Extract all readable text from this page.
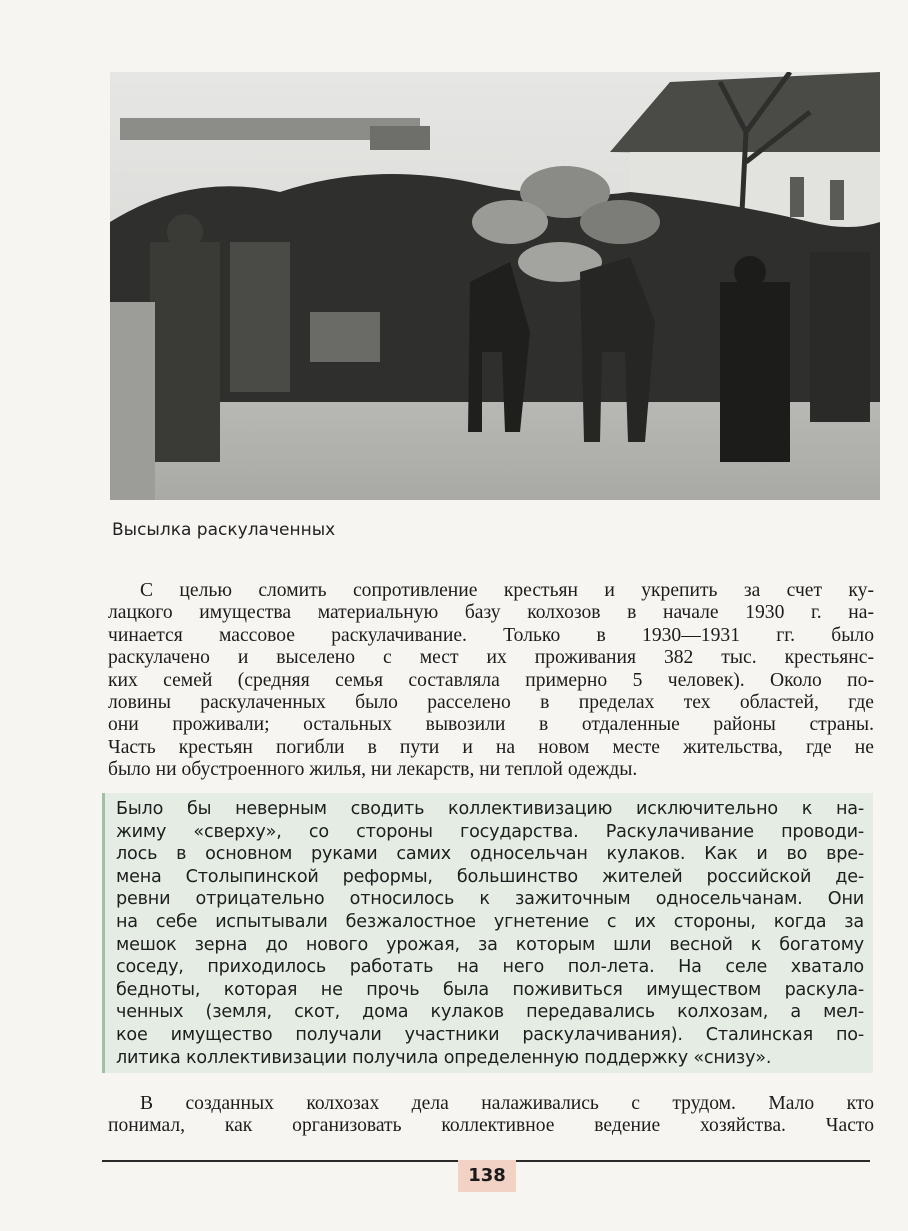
Высылка раскулаченных
С целью сломить сопротивление крестьян и укрепить за счет ку-
лацкого имущества материальную базу колхозов в начале 1930 г. на-
чинается массовое раскулачивание. Только в 1930—1931 гг. было
раскулачено и выселено с мест их проживания 382 тыс. крестьянс-
ких семей (средняя семья составляла примерно 5 человек). Около по-
ловины раскулаченных было расселено в пределах тех областей, где
они проживали; остальных вывозили в отдаленные районы страны.
Часть крестьян погибли в пути и на новом месте жительства, где не
было ни обустроенного жилья, ни лекарств, ни теплой одежды.
Было бы неверным сводить коллективизацию исключительно к на-
жиму «сверху», со стороны государства. Раскулачивание проводи-
лось в основном руками самих односельчан кулаков. Как и во вре-
мена Столыпинской реформы, большинство жителей российской де-
ревни отрицательно относилось к зажиточным односельчанам. Они
на себе испытывали безжалостное угнетение с их стороны, когда за
мешок зерна до нового урожая, за которым шли весной к богатому
соседу, приходилось работать на него пол-лета. На селе хватало
бедноты, которая не прочь была поживиться имуществом раскула-
ченных (земля, скот, дома кулаков передавались колхозам, а мел-
кое имущество получали участники раскулачивания). Сталинская по-
литика коллективизации получила определенную поддержку «снизу».
В созданных колхозах дела налаживались с трудом. Мало кто
понимал, как организовать коллективное ведение хозяйства. Часто
138
